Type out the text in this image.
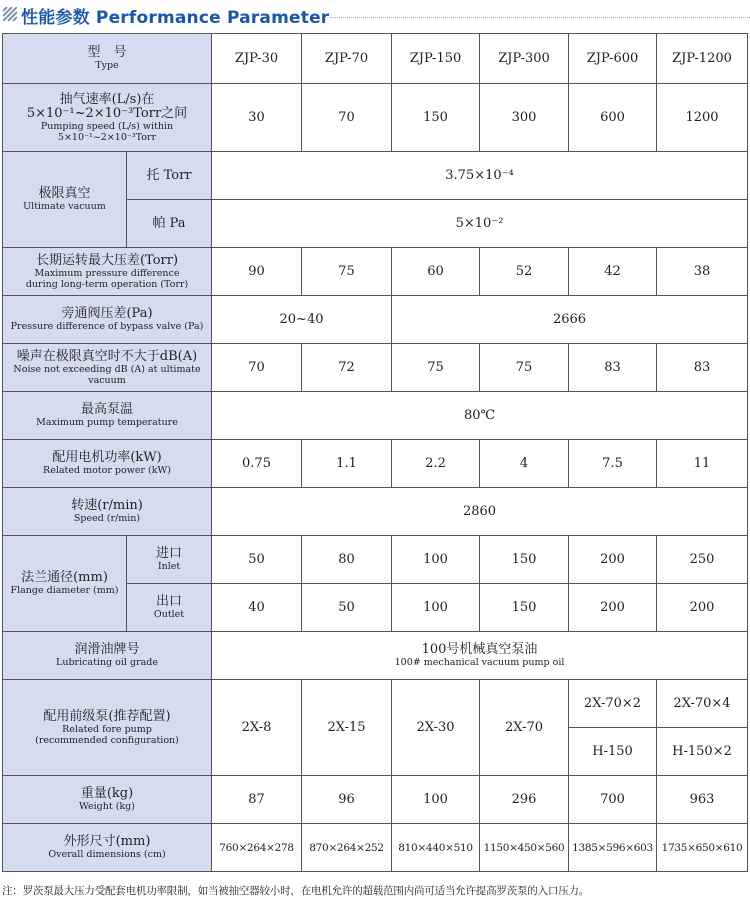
性能参数 Performance Parameter
型　号
Type		ZJP-30	ZJP-70	ZJP-150	ZJP-300	ZJP-600	ZJP-1200

抽气速率(L/s)在
5×10⁻¹~2×10⁻³Torr之间
Pumping speed (L/s) within 5×10⁻¹~2×10⁻³Torr		30	70	150	300	600	1200

极限真空
Ultimate vacuum	托 Torr	3.75×10⁻⁴					
	帕 Pa	5×10⁻²					

长期运转最大压差(Torr)
Maximum pressure difference
during long-term operation (Torr)		90	75	60	52	42	38

旁通阀压差(Pa)
Pressure difference of bypass valve (Pa)		20~40		2666			

噪声在极限真空时不大于dB(A)
Noise not exceeding dB (A) at ultimate vacuum		70	72	75	75	83	83

最高泵温
Maximum pump temperature		80℃					

配用电机功率(kW)
Related motor power (kW)		0.75	1.1	2.2	4	7.5	11

转速(r/min)
Speed (r/min)		2860					

法兰通径(mm)
Flange diameter (mm)	进口
Inlet	50	80	100	150	200	250

	出口
Outlet	40	50	100	150	200	200

润滑油牌号
Lubricating oil grade		100号机械真空泵油
100# mechanical vacuum pump oil					

配用前级泵(推荐配置)
Related fore pump
(recommended configuration)		2X-8	2X-15	2X-30	2X-70	2X-70×2	2X-70×4
						H-150	H-150×2

重量(kg)
Weight (kg)		87	96	100	296	700	963

外形尺寸(mm)
Overall dimensions (cm)		760×264×278	870×264×252	810×440×510	1150×450×560	1385×596×603	1735×650×610
注：罗茨泵最大压力受配套电机功率限制，如当被抽空器较小时，在电机允许的超载范围内尚可适当允许提高罗茨泵的入口压力。
